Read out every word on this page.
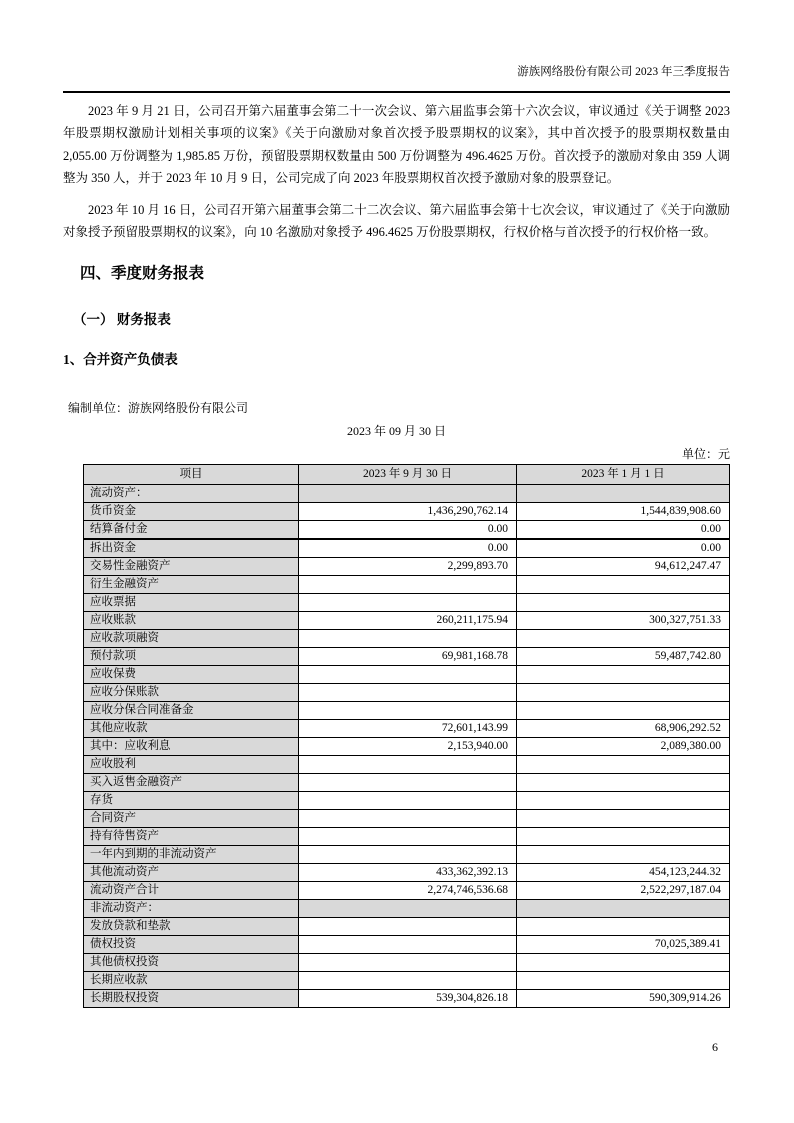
游族网络股份有限公司 2023 年三季度报告

2023 年 9 月 21 日，公司召开第六届董事会第二十一次会议、第六届监事会第十六次会议，审议通过《关于调整 2023 年股票期权激励计划相关事项的议案》《关于向激励对象首次授予股票期权的议案》，其中首次授予的股票期权数量由 2,055.00 万份调整为 1,985.85 万份，预留股票期权数量由 500 万份调整为 496.4625 万份。首次授予的激励对象由 359 人调整为 350 人，并于 2023 年 10 月 9 日，公司完成了向 2023 年股票期权首次授予激励对象的股票登记。

2023 年 10 月 16 日，公司召开第六届董事会第二十二次会议、第六届监事会第十七次会议，审议通过了《关于向激励对象授予预留股票期权的议案》，向 10 名激励对象授予 496.4625 万份股票期权，行权价格与首次授予的行权价格一致。

四、季度财务报表
（一） 财务报表
1、合并资产负债表
编制单位：游族网络股份有限公司
2023 年 09 月 30 日
单位：元
项目	2023 年 9 月 30 日	2023 年 1 月 1 日
流动资产：		
货币资金	1,436,290,762.14	1,544,839,908.60
结算备付金	0.00	0.00
拆出资金	0.00	0.00
交易性金融资产	2,299,893.70	94,612,247.47
衍生金融资产		
应收票据		
应收账款	260,211,175.94	300,327,751.33
应收款项融资		
预付款项	69,981,168.78	59,487,742.80
应收保费		
应收分保账款		
应收分保合同准备金		
其他应收款	72,601,143.99	68,906,292.52
其中：应收利息	2,153,940.00	2,089,380.00
应收股利		
买入返售金融资产		
存货		
合同资产		
持有待售资产		
一年内到期的非流动资产		
其他流动资产	433,362,392.13	454,123,244.32
流动资产合计	2,274,746,536.68	2,522,297,187.04
非流动资产：		
发放贷款和垫款		
债权投资		70,025,389.41
其他债权投资		
长期应收款		
长期股权投资	539,304,826.18	590,309,914.26
6
